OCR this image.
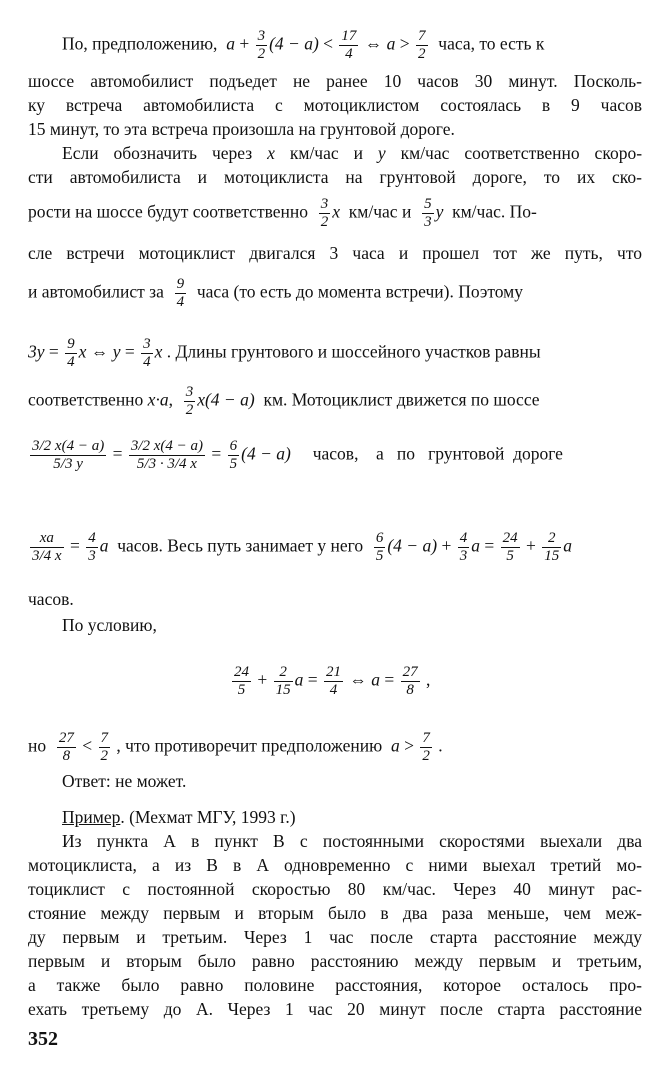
По, предположению,  $a + \frac{3}{2} (4 - a) < \frac{17}{4}$ ⇔ $a > \frac{7}{2}$ часа, то есть к
шоссе автомобилист подъедет не ранее 10 часов 30 минут. Посколь-
ку встреча автомобилиста с мотоциклистом состоялась в 9 часов
15 минут, то эта встреча произошла на грунтовой дороге.
Если обозначить через x км/час и y км/час соответственно скоро-
сти автомобилиста и мотоциклиста на грунтовой дороге, то их ско-
рости на шоссе будут соответственно $\frac{3}{2}$ x  км/час и $\frac{5}{3}$ y  км/час. По-
сле встречи мотоциклист двигался 3 часа и прошел тот же путь, что
и автомобилист за $\frac{9}{4}$ часа (то есть до момента встречи). Поэтому
$3y = \frac{9}{4}$ x ⇔ $y = \frac{3}{4}$ x . Длины грунтового и шоссейного участков равны
соответственно x·a, $\frac{3}{2} x(4 - a)$  км. Мотоциклист движется по шоссе
$\frac{3/2 x(4 - a)}{5/3 y} = \frac{3/2 x(4 - a)}{5/3 \cdot 3/4 x} = \frac{6}{5} (4 - a)$     часов,    а   по   грунтовой  дороге
$\frac{xa}{3/4 x} = \frac{4}{3}$ a  часов. Весь путь занимает у него $\frac{6}{5} (4 - a) + \frac{4}{3}$ $a = \frac{24}{5} + \frac{2}{15}$ a
часов.
По условию,
$\frac{24}{5} + \frac{2}{15}$ $a = \frac{21}{4}$ ⇔ $a = \frac{27}{8}$ ,
но $\frac{27}{8} < \frac{7}{2}$ , что противоречит предположению  $a > \frac{7}{2}$ .
Ответ: не может.
Пример. (Мехмат МГУ, 1993 г.)
Из пункта А в пункт В с постоянными скоростями выехали два
мотоциклиста, а из В в А одновременно с ними выехал третий мо-
тоциклист с постоянной скоростью 80 км/час. Через 40 минут рас-
стояние между первым и вторым было в два раза меньше, чем меж-
ду первым и третьим. Через 1 час после старта расстояние между
первым и вторым было равно расстоянию между первым и третьим,
а также было равно половине расстояния, которое осталось про-
ехать третьему до А. Через 1 час 20 минут после старта расстояние
352
